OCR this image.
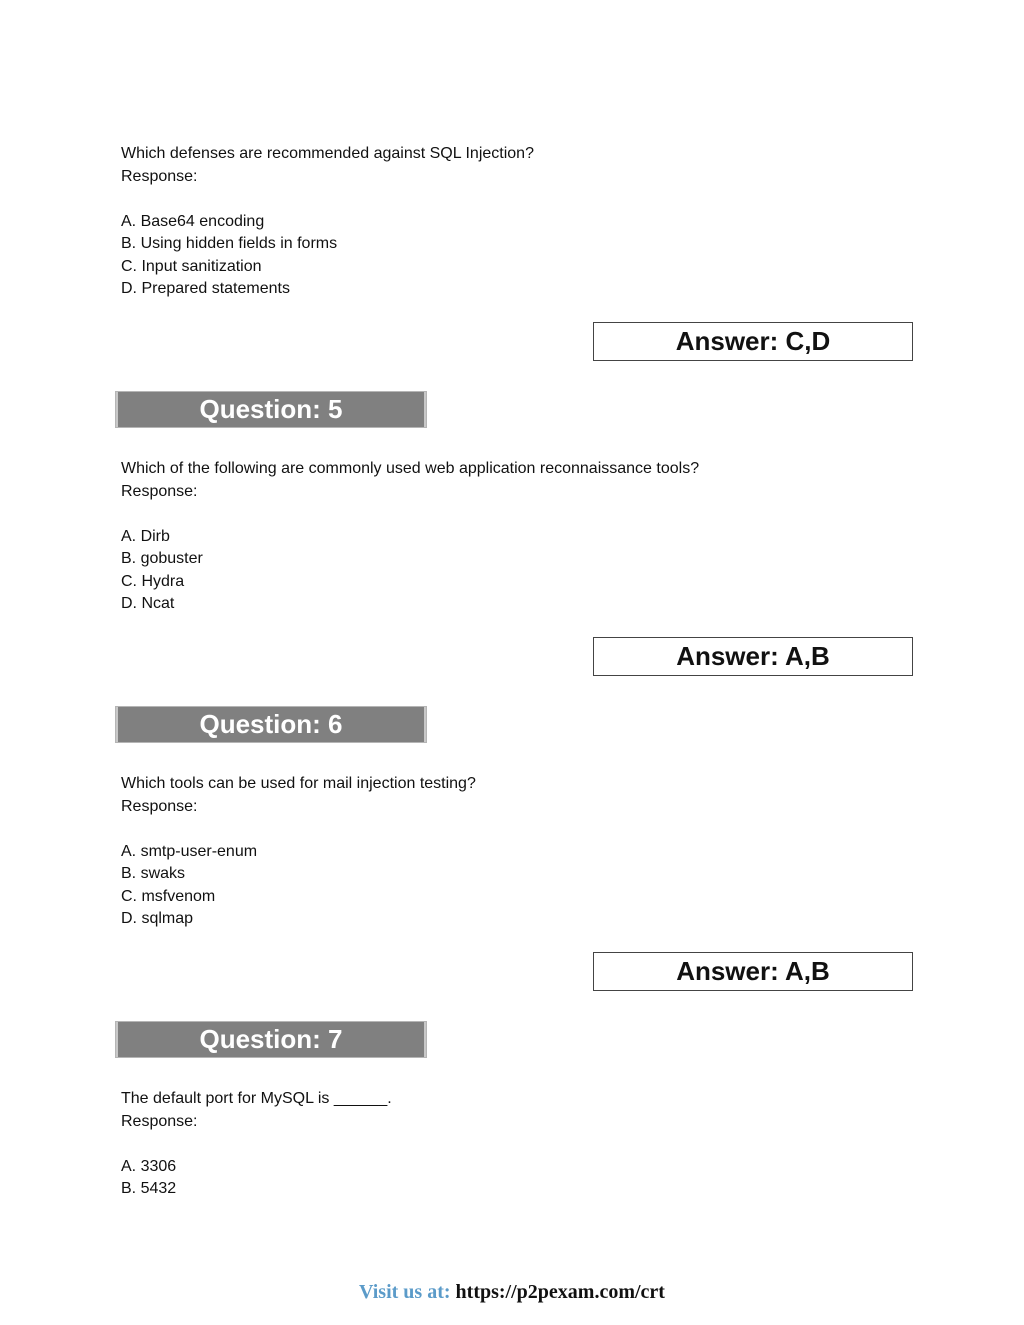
Which defenses are recommended against SQL Injection?
Response:
A. Base64 encoding
B. Using hidden fields in forms
C. Input sanitization
D. Prepared statements
Answer: C,D
Question: 5
Which of the following are commonly used web application reconnaissance tools?
Response:
A. Dirb
B. gobuster
C. Hydra
D. Ncat
Answer: A,B
Question: 6
Which tools can be used for mail injection testing?
Response:
A. smtp-user-enum
B. swaks
C. msfvenom
D. sqlmap
Answer: A,B
Question: 7
The default port for MySQL is ______.
Response:
A. 3306
B. 5432
Visit us at: https://p2pexam.com/crt
